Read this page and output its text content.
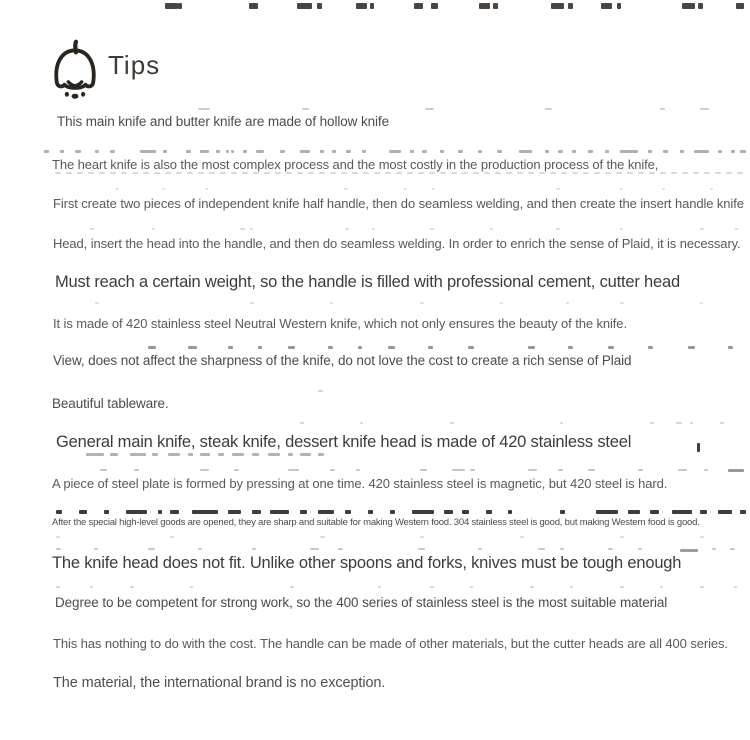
Tips
This main knife and butter knife are made of hollow knife
The heart knife is also the most complex process and the most costly in the production process of the knife,
First create two pieces of independent knife half handle, then do seamless welding, and then create the insert handle knife
Head, insert the head into the handle, and then do seamless welding. In order to enrich the sense of Plaid, it is necessary.
Must reach a certain weight, so the handle is filled with professional cement, cutter head
It is made of 420 stainless steel Neutral Western knife, which not only ensures the beauty of the knife.
View, does not affect the sharpness of the knife, do not love the cost to create a rich sense of Plaid
Beautiful tableware.
General main knife, steak knife, dessert knife head is made of 420 stainless steel
A piece of steel plate is formed by pressing at one time. 420 stainless steel is magnetic, but 420 steel is hard.
After the special high-level goods are opened, they are sharp and suitable for making Western food. 304 stainless steel is good, but making Western food is good.
The knife head does not fit. Unlike other spoons and forks, knives must be tough enough
Degree to be competent for strong work, so the 400 series of stainless steel is the most suitable material
This has nothing to do with the cost. The handle can be made of other materials, but the cutter heads are all 400 series.
The material, the international brand is no exception.
